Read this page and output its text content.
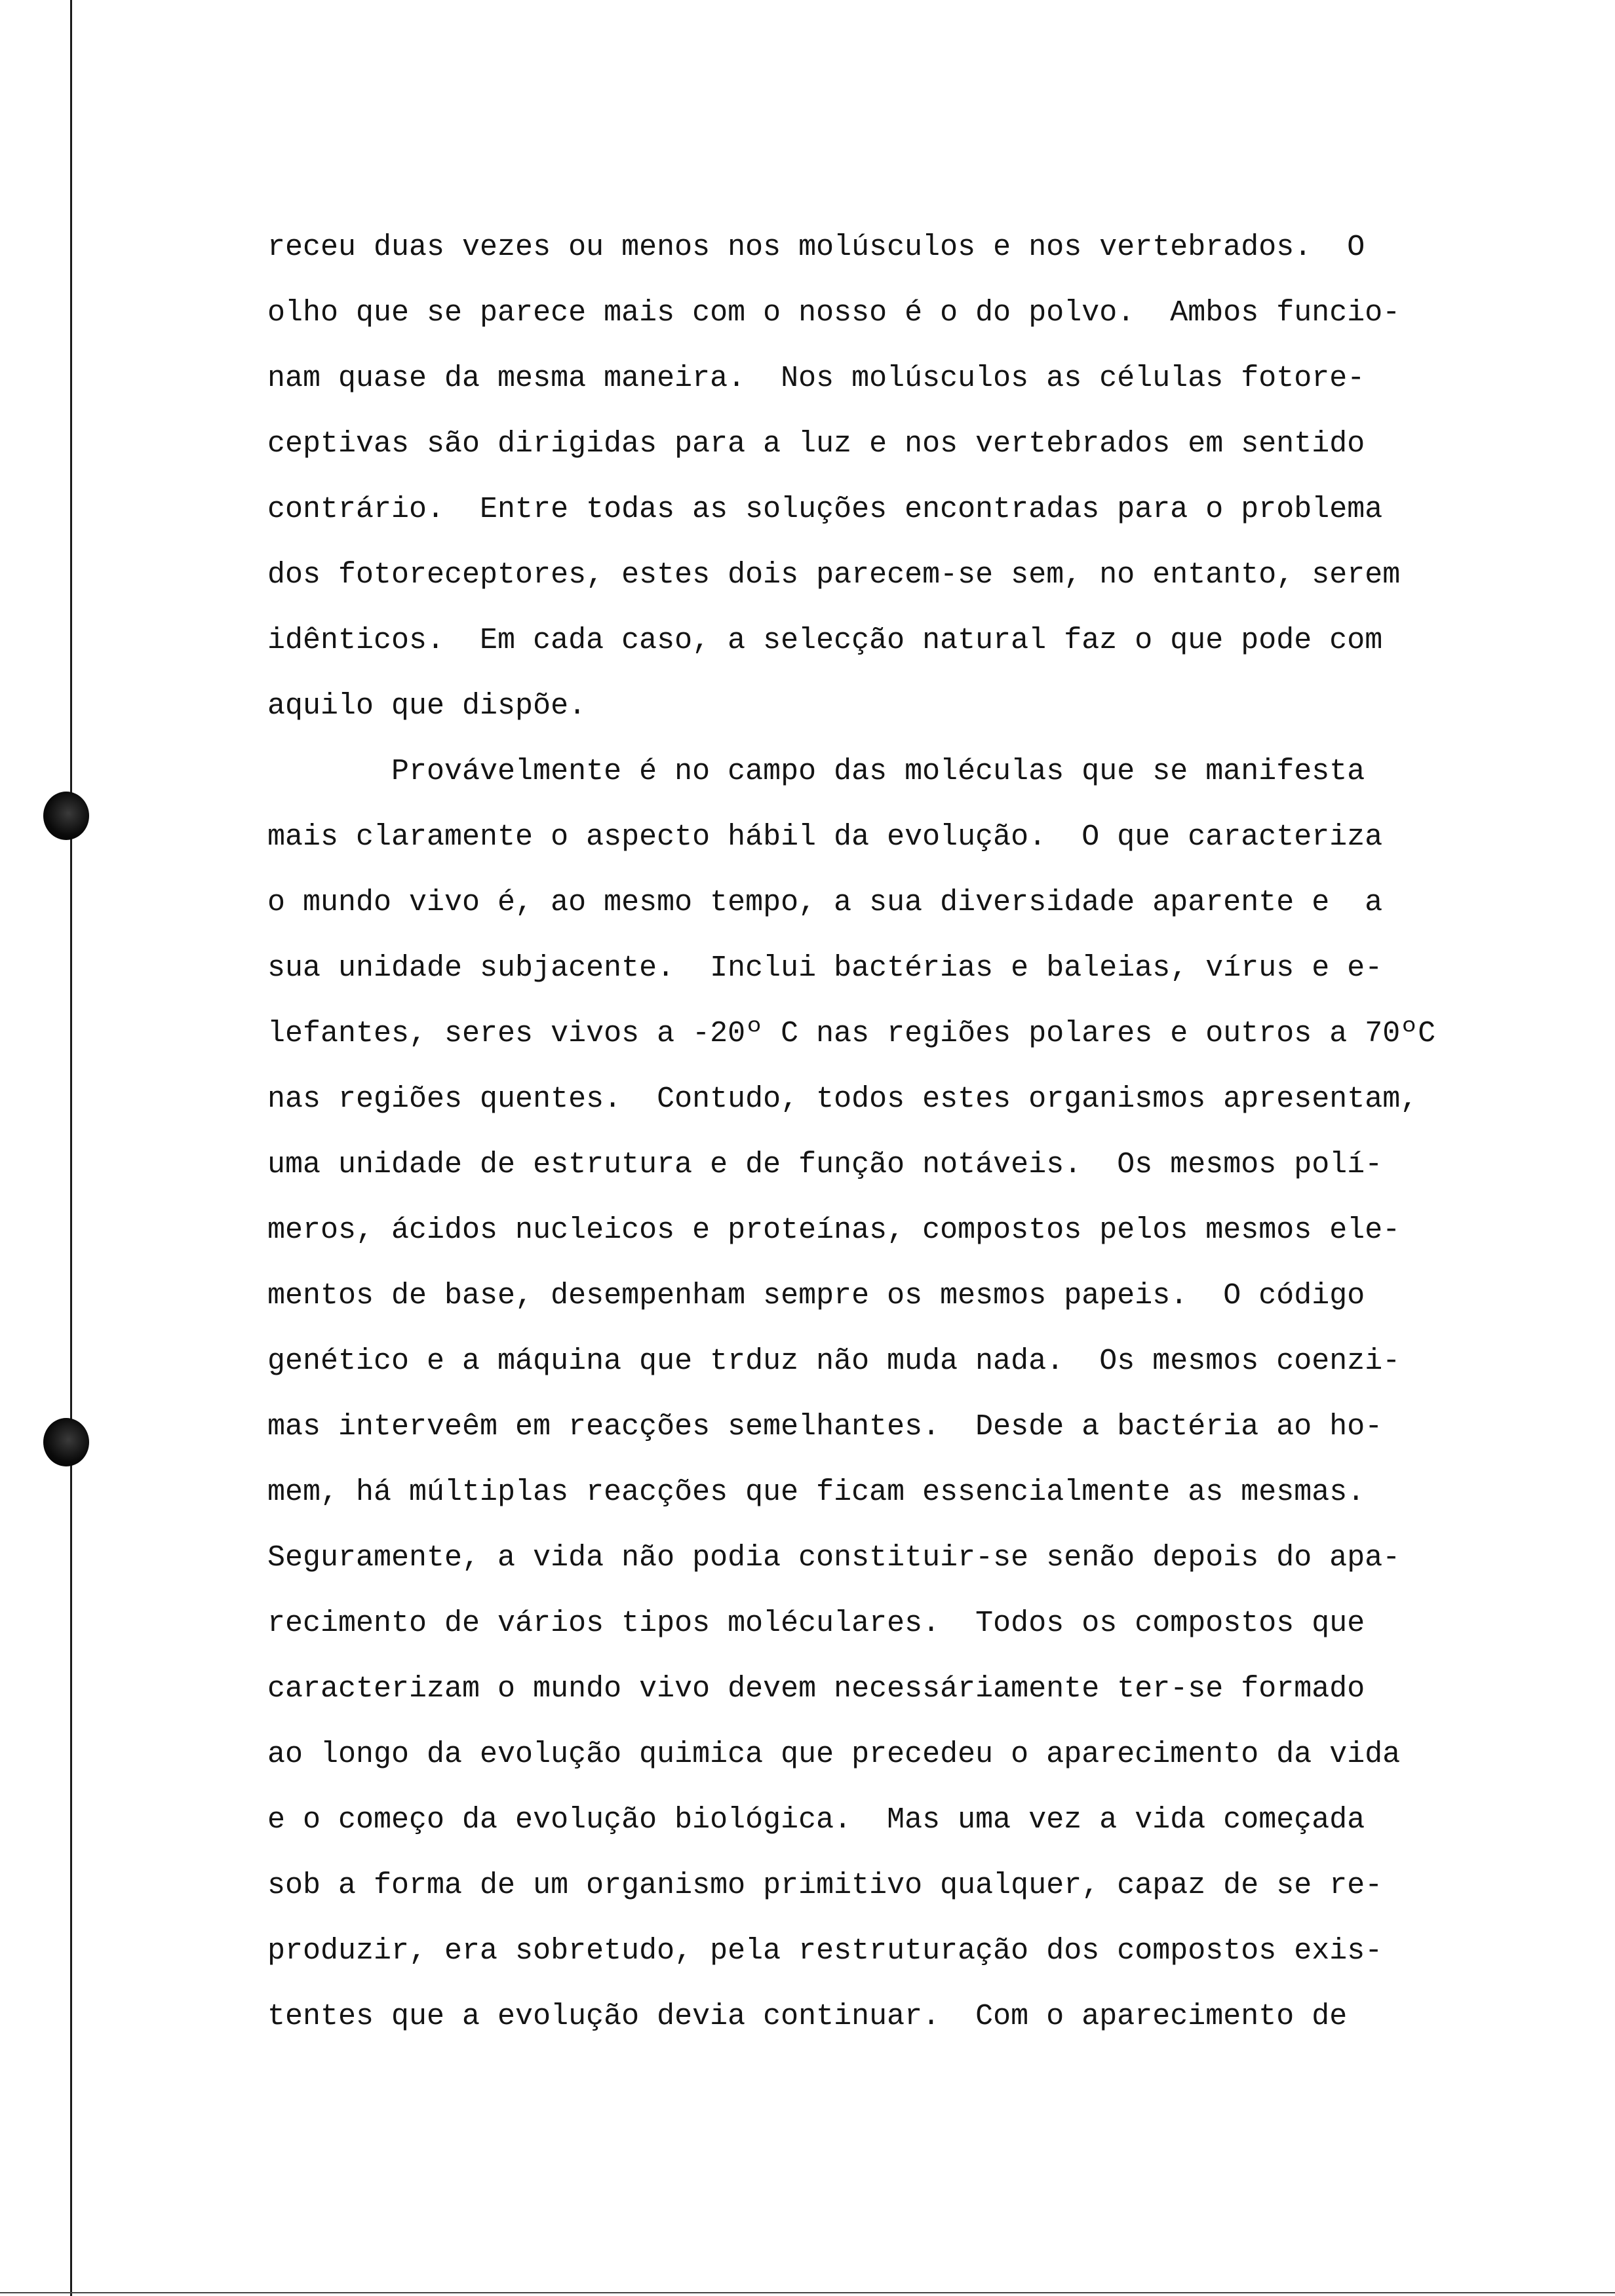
receu duas vezes ou menos nos molúsculos e nos vertebrados.  O
olho que se parece mais com o nosso é o do polvo.  Ambos funcio-
nam quase da mesma maneira.  Nos molúsculos as células fotore-
ceptivas são dirigidas para a luz e nos vertebrados em sentido
contrário.  Entre todas as soluções encontradas para o problema
dos fotoreceptores, estes dois parecem-se sem, no entanto, serem
idênticos.  Em cada caso, a selecção natural faz o que pode com
aquilo que dispõe.
Provávelmente é no campo das moléculas que se manifesta
mais claramente o aspecto hábil da evolução.  O que caracteriza
o mundo vivo é, ao mesmo tempo, a sua diversidade aparente e  a
sua unidade subjacente.  Inclui bactérias e baleias, vírus e e-
lefantes, seres vivos a -20º C nas regiões polares e outros a 70ºC
nas regiões quentes.  Contudo, todos estes organismos apresentam,
uma unidade de estrutura e de função notáveis.  Os mesmos polí-
meros, ácidos nucleicos e proteínas, compostos pelos mesmos ele-
mentos de base, desempenham sempre os mesmos papeis.  O código
genético e a máquina que trduz não muda nada.  Os mesmos coenzi-
mas interveêm em reacções semelhantes.  Desde a bactéria ao ho-
mem, há múltiplas reacções que ficam essencialmente as mesmas.
Seguramente, a vida não podia constituir-se senão depois do apa-
recimento de vários tipos moléculares.  Todos os compostos que
caracterizam o mundo vivo devem necessáriamente ter-se formado
ao longo da evolução quimica que precedeu o aparecimento da vida
e o começo da evolução biológica.  Mas uma vez a vida começada
sob a forma de um organismo primitivo qualquer, capaz de se re-
produzir, era sobretudo, pela restruturação dos compostos exis-
tentes que a evolução devia continuar.  Com o aparecimento de
